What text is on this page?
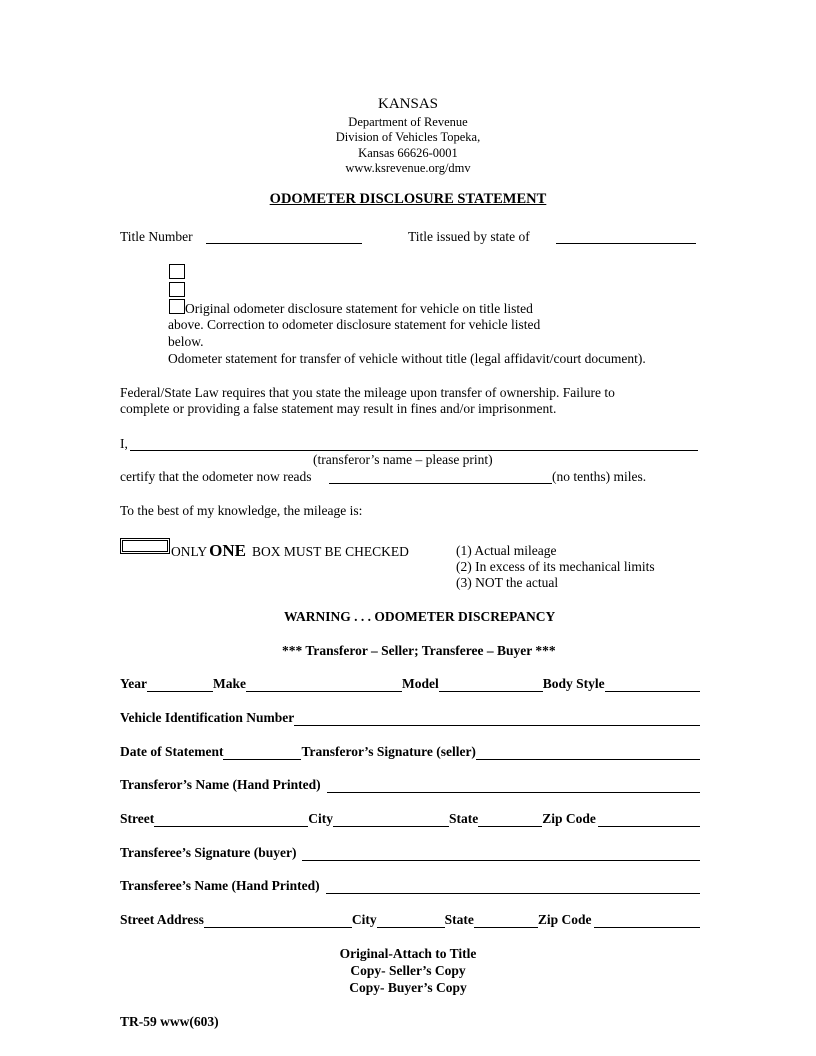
KANSAS
Department of Revenue
Division of Vehicles Topeka,
Kansas 66626-0001
www.ksrevenue.org/dmv
ODOMETER DISCLOSURE STATEMENT
Title Number	Title issued by state of
Original odometer disclosure statement for vehicle on title listed
above. Correction to odometer disclosure statement for vehicle listed
below.
Odometer statement for transfer of vehicle without title (legal affidavit/court document).
Federal/State Law requires that you state the mileage upon transfer of ownership. Failure to
complete or providing a false statement may result in fines and/or imprisonment.
I,
(transferor’s name – please print)
certify that the odometer now reads	(no tenths) miles.
To the best of my knowledge, the mileage is:
ONLY ONE BOX MUST BE CHECKED	(1) Actual mileage
(2) In excess of its mechanical limits
(3) NOT the actual
WARNING . . . ODOMETER DISCREPANCY
*** Transferor – Seller; Transferee – Buyer ***
Year	Make	Model	Body Style
Vehicle Identification Number
Date of Statement	Transferor’s Signature (seller)
Transferor’s Name (Hand Printed)
Street	City	State	Zip Code
Transferee’s Signature (buyer)
Transferee’s Name (Hand Printed)
Street Address	City	State	Zip Code
Original-Attach to Title
Copy- Seller’s Copy
Copy- Buyer’s Copy
TR-59 www(603)
